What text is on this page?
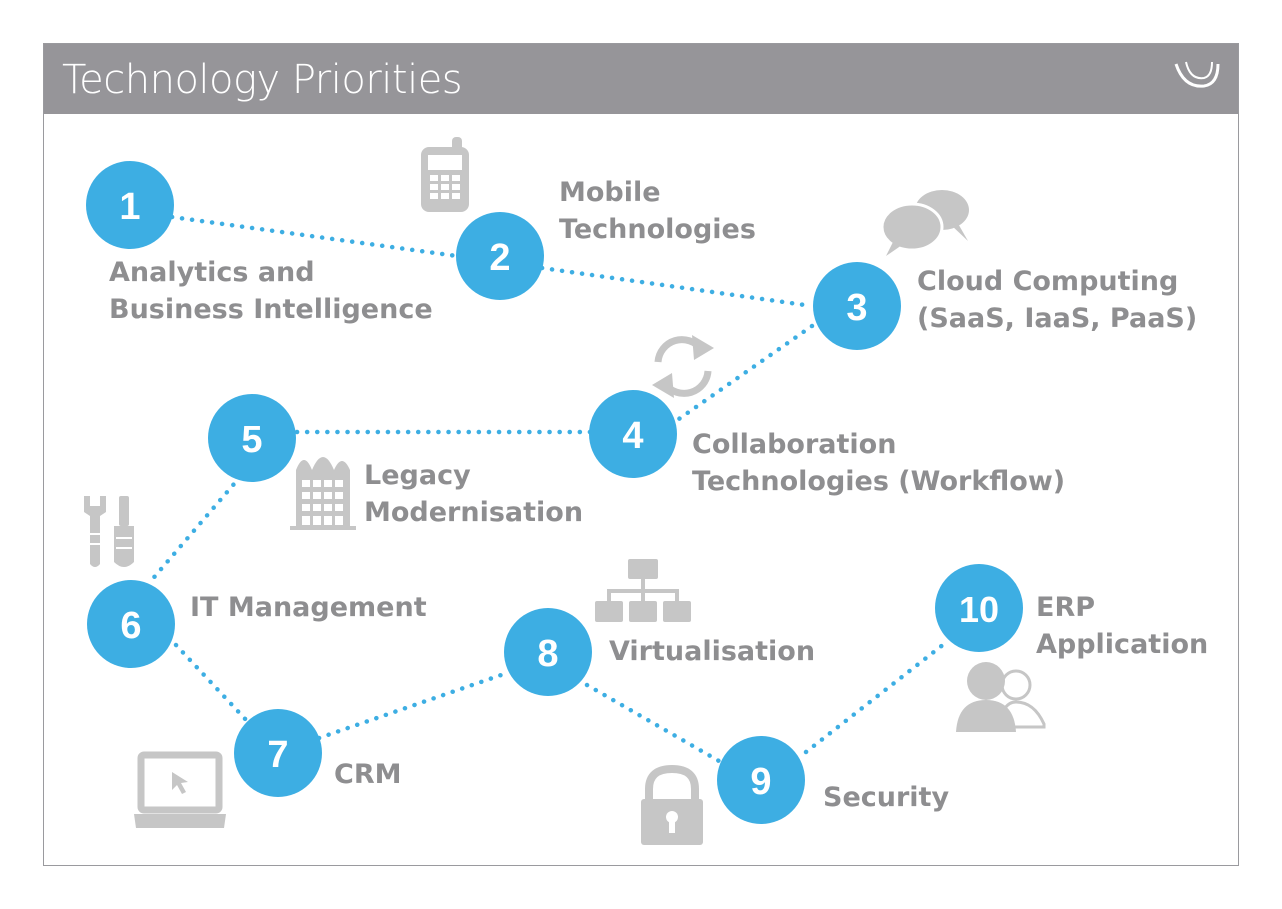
Technology Priorities
1
2
3
4
5
6
7
8
9
10
Analytics and
Business Intelligence
Mobile
Technologies
Cloud Computing
(SaaS, IaaS, PaaS)
Collaboration
Technologies (Workflow)
Legacy
Modernisation
IT Management
CRM
Virtualisation
Security
ERP
Application
